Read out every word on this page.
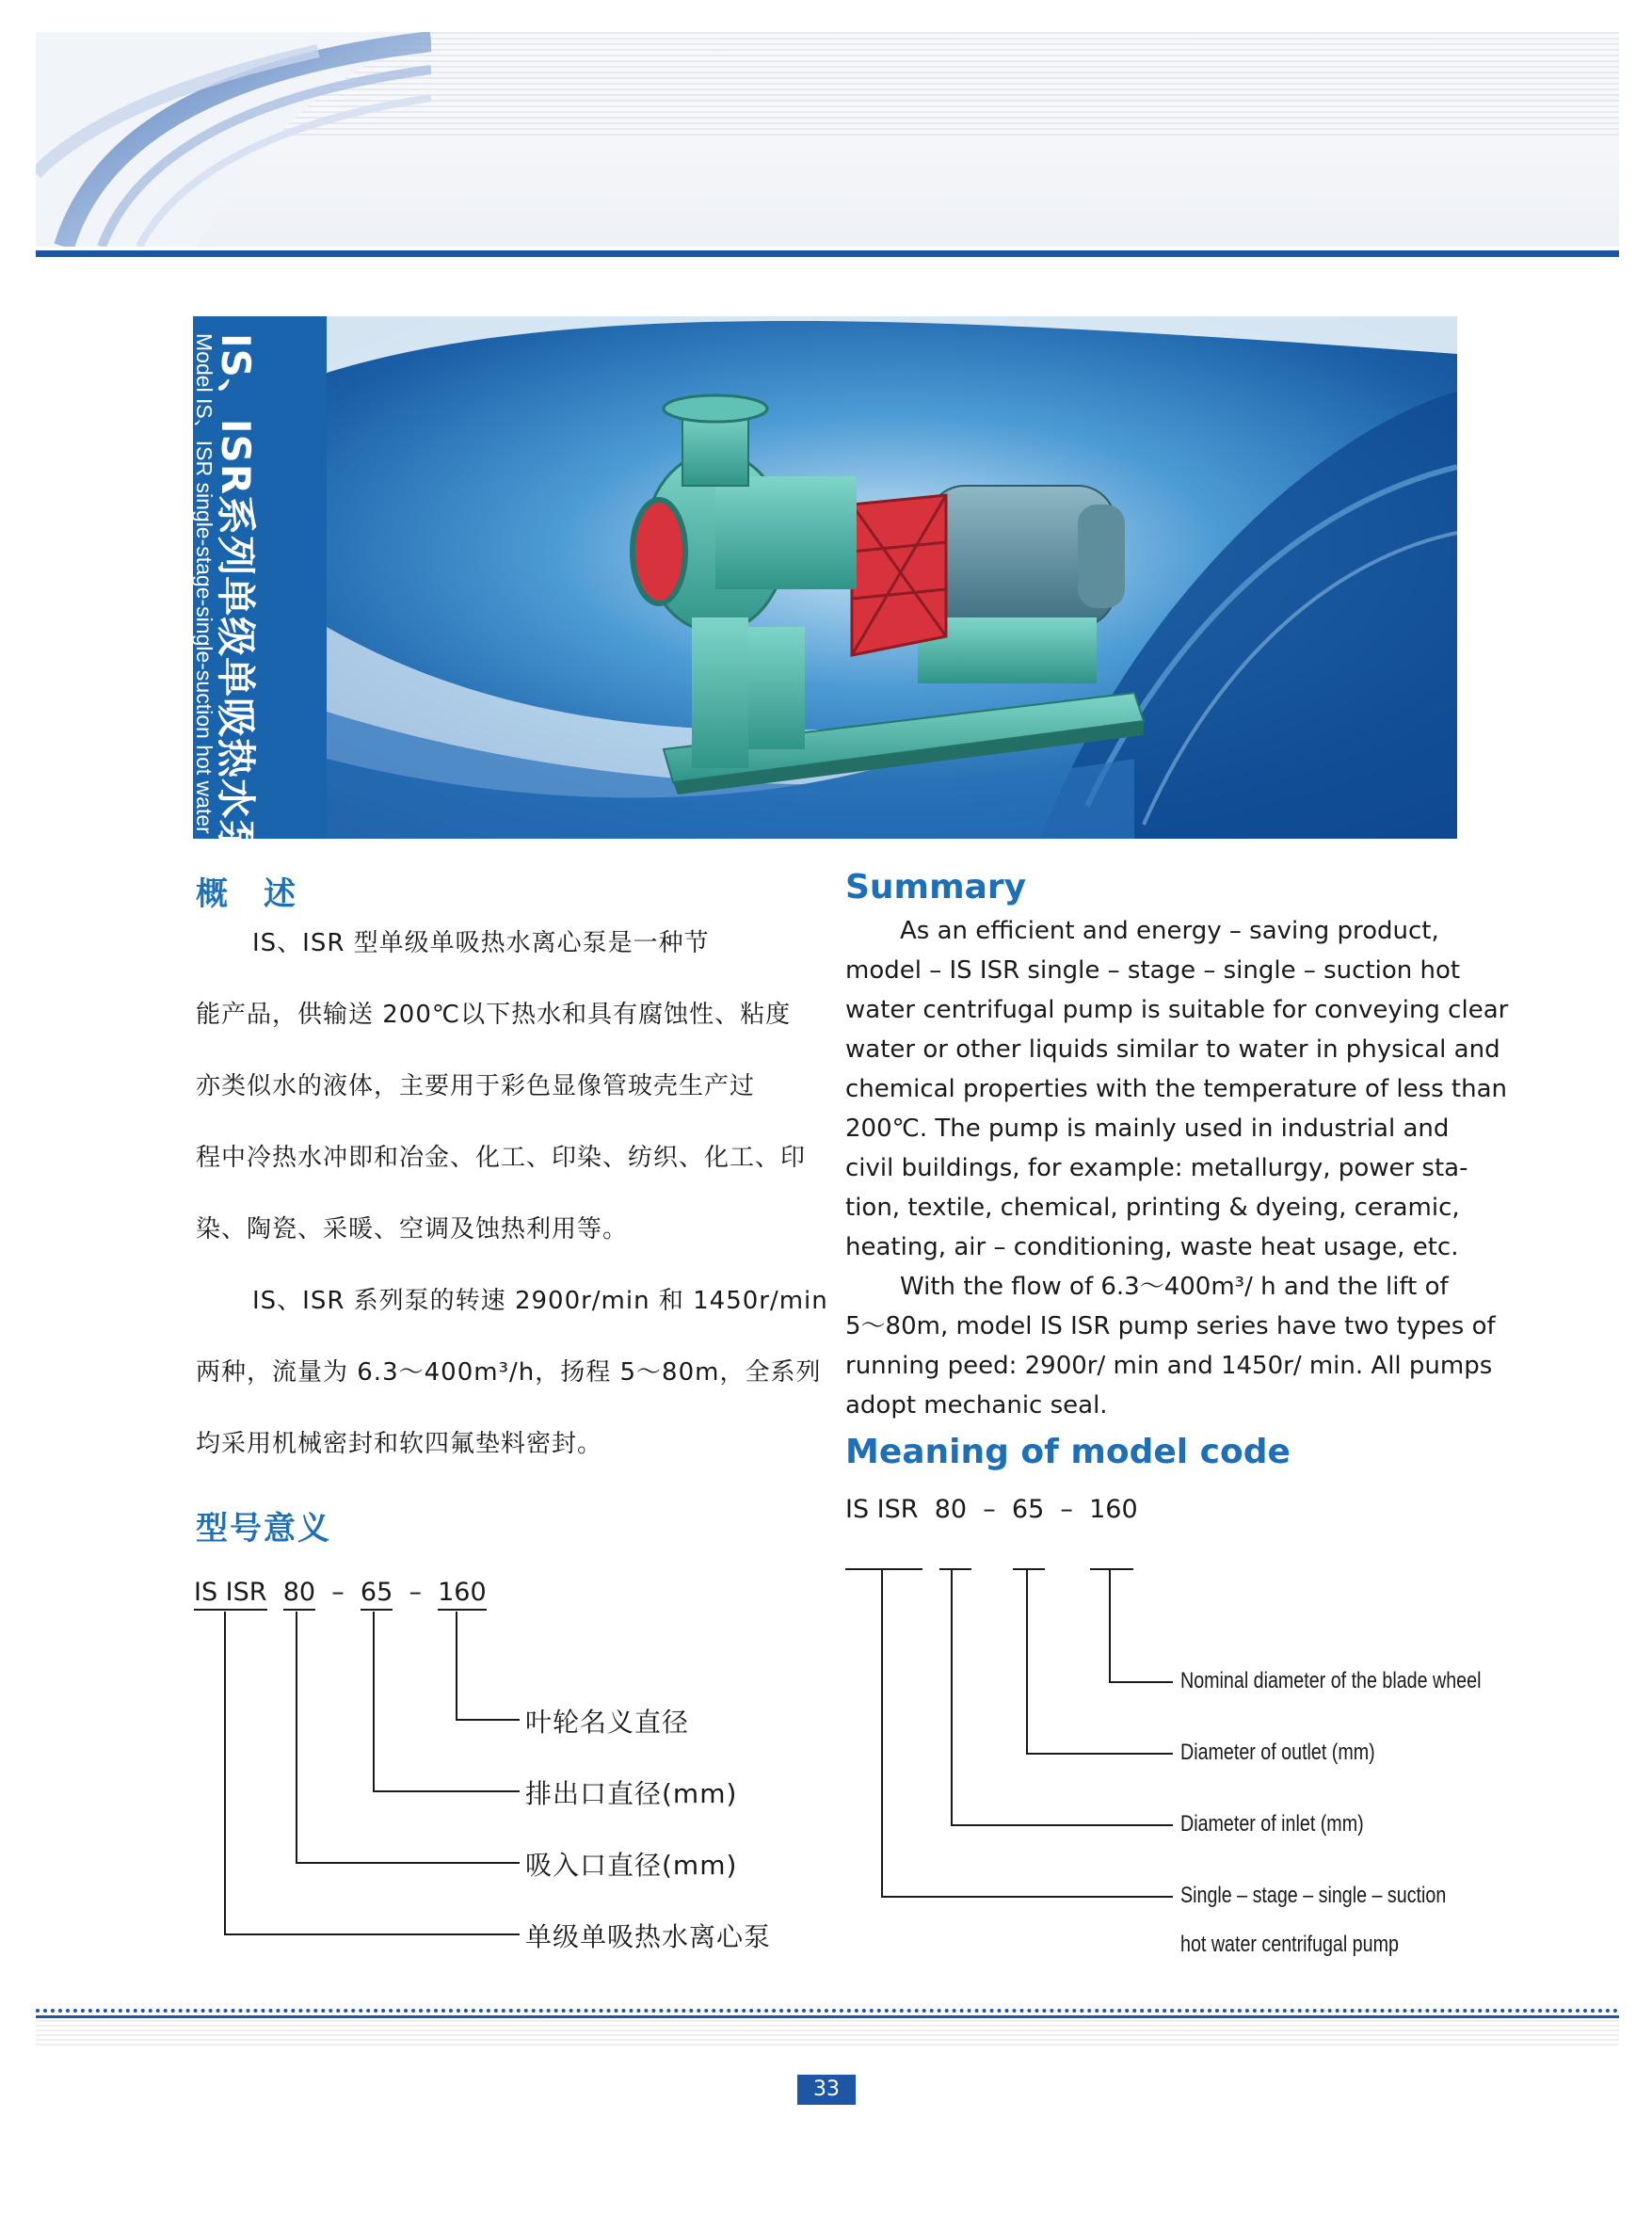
IS、ISR系列单级单吸热水泵
Model IS、ISR single-stage-single-suction hot water centrifugal Pump
概　述
IS、ISR 型单级单吸热水离心泵是一种节
能产品，供输送 200℃以下热水和具有腐蚀性、粘度
亦类似水的液体，主要用于彩色显像管玻壳生产过
程中冷热水冲即和冶金、化工、印染、纺织、化工、印
染、陶瓷、采暖、空调及蚀热利用等。
IS、ISR 系列泵的转速 2900r/min 和 1450r/min
两种，流量为 6.3～400m³/h，扬程 5～80m，全系列
均采用机械密封和软四氟垫料密封。
Summary
As an efficient and energy – saving product,
model – IS ISR single – stage – single – suction hot
water centrifugal pump is suitable for conveying clear
water or other liquids similar to water in physical and
chemical properties with the temperature of less than
200℃. The pump is mainly used in industrial and
civil buildings, for example: metallurgy, power sta-
tion, textile, chemical, printing & dyeing, ceramic,
heating, air – conditioning, waste heat usage, etc.
With the flow of 6.3～400m³/ h and the lift of
5～80m, model IS ISR pump series have two types of
running peed: 2900r/ min and 1450r/ min. All pumps
adopt mechanic seal.
型号意义
IS ISR 80 – 65 – 160
叶轮名义直径
排出口直径(mm)
吸入口直径(mm)
单级单吸热水离心泵
Meaning of model code
IS ISR  80  –  65  –  160
Nominal diameter of the blade wheel
Diameter of outlet (mm)
Diameter of inlet (mm)
Single – stage – single – suction
hot water centrifugal pump
33
